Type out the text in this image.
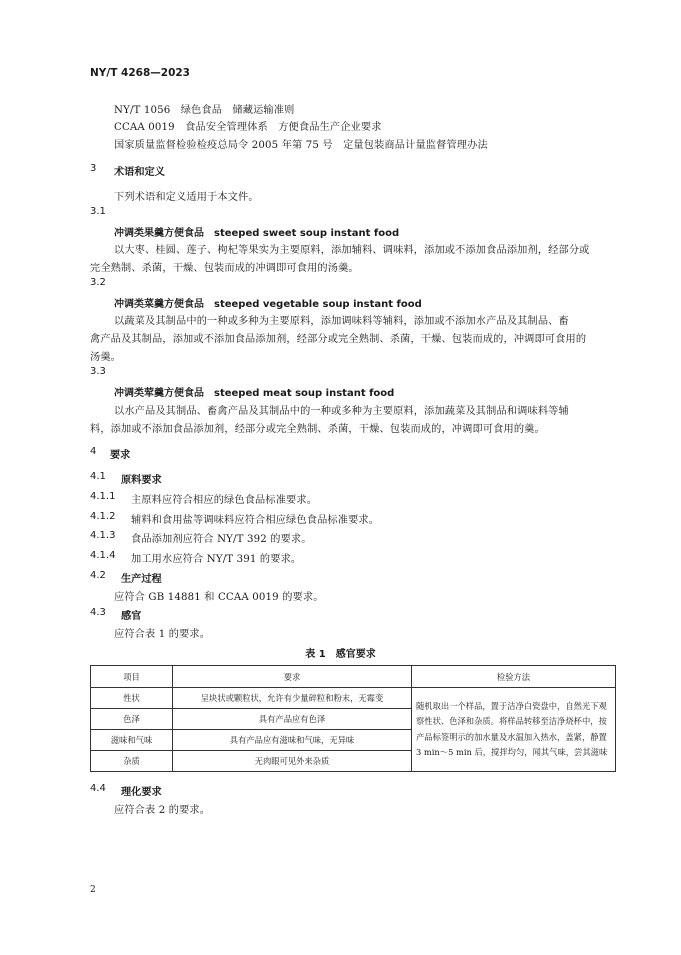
NY/T 4268—2023
NY/T 1056　绿色食品　储藏运输准则
CCAA 0019　食品安全管理体系　方便食品生产企业要求
国家质量监督检验检疫总局令 2005 年第 75 号　定量包装商品计量监督管理办法
3 术语和定义
下列术语和定义适用于本文件。
3.1
冲调类果羹方便食品　steeped sweet soup instant food
以大枣、桂圆、莲子、枸杞等果实为主要原料，添加辅料、调味料，添加或不添加食品添加剂，经部分或
完全熟制、杀菌，干燥、包装而成的冲调即可食用的汤羹。
3.2
冲调类菜羹方便食品　steeped vegetable soup instant food
以蔬菜及其制品中的一种或多种为主要原料，添加调味料等辅料，添加或不添加水产品及其制品、畜
禽产品及其制品，添加或不添加食品添加剂，经部分或完全熟制、杀菌，干燥、包装而成的，冲调即可食用的
汤羹。
3.3
冲调类荤羹方便食品　steeped meat soup instant food
以水产品及其制品、畜禽产品及其制品中的一种或多种为主要原料，添加蔬菜及其制品和调味料等辅
料，添加或不添加食品添加剂，经部分或完全熟制、杀菌，干燥、包装而成的，冲调即可食用的羹。
4 要求
4.1 原料要求
4.1.1 主原料应符合相应的绿色食品标准要求。
4.1.2 辅料和食用盐等调味料应符合相应绿色食品标准要求。
4.1.3 食品添加剂应符合 NY/T 392 的要求。
4.1.4 加工用水应符合 NY/T 391 的要求。
4.2 生产过程
应符合 GB 14881 和 CCAA 0019 的要求。
4.3 感官
应符合表 1 的要求。
表 1　感官要求
项目	要求	检验方法
性状	呈块状或颗粒状，允许有少量碎粒和粉末，无霉变	随机取出一个样品，置于洁净白瓷盘中，自然光下观察性状、色泽和杂质。将样品转移至洁净烧杯中，按产品标签明示的加水量及水温加入热水，盖紧，静置 3 min～5 min 后，搅拌均匀，闻其气味，尝其滋味
色泽	具有产品应有色泽	
滋味和气味	具有产品应有滋味和气味，无异味	
杂质	无肉眼可见外来杂质	
4.4 理化要求
应符合表 2 的要求。
2
